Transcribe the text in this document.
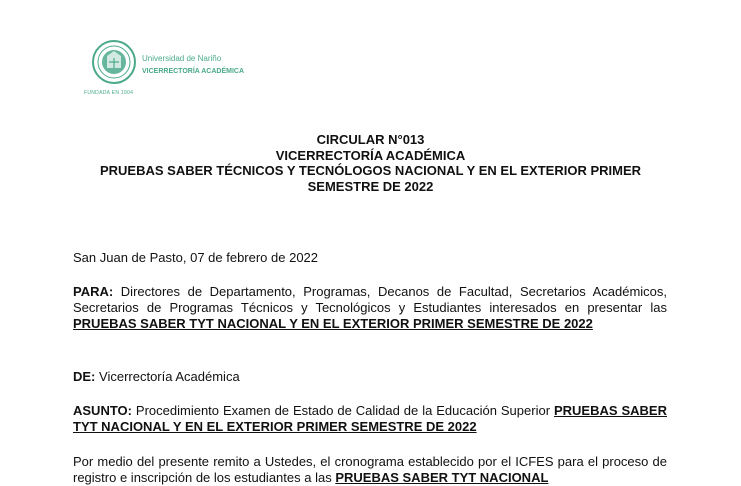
Universidad de Nariño
VICERRECTORÍA ACADÉMICA
FUNDADA EN 1904
CIRCULAR N°013
VICERRECTORÍA ACADÉMICA
PRUEBAS SABER TÉCNICOS Y TECNÓLOGOS NACIONAL Y EN EL EXTERIOR PRIMER
SEMESTRE DE 2022
San Juan de Pasto, 07 de febrero de 2022
PARA: Directores de Departamento, Programas, Decanos de Facultad, Secretarios Académicos, Secretarios de Programas Técnicos y Tecnológicos y Estudiantes interesados en presentar las PRUEBAS SABER TYT NACIONAL Y EN EL EXTERIOR PRIMER SEMESTRE DE 2022
DE: Vicerrectoría Académica
ASUNTO: Procedimiento Examen de Estado de Calidad de la Educación Superior PRUEBAS SABER TYT NACIONAL Y EN EL EXTERIOR PRIMER SEMESTRE DE 2022
Por medio del presente remito a Ustedes, el cronograma establecido por el ICFES para el proceso de registro e inscripción de los estudiantes a las PRUEBAS SABER TYT NACIONAL
